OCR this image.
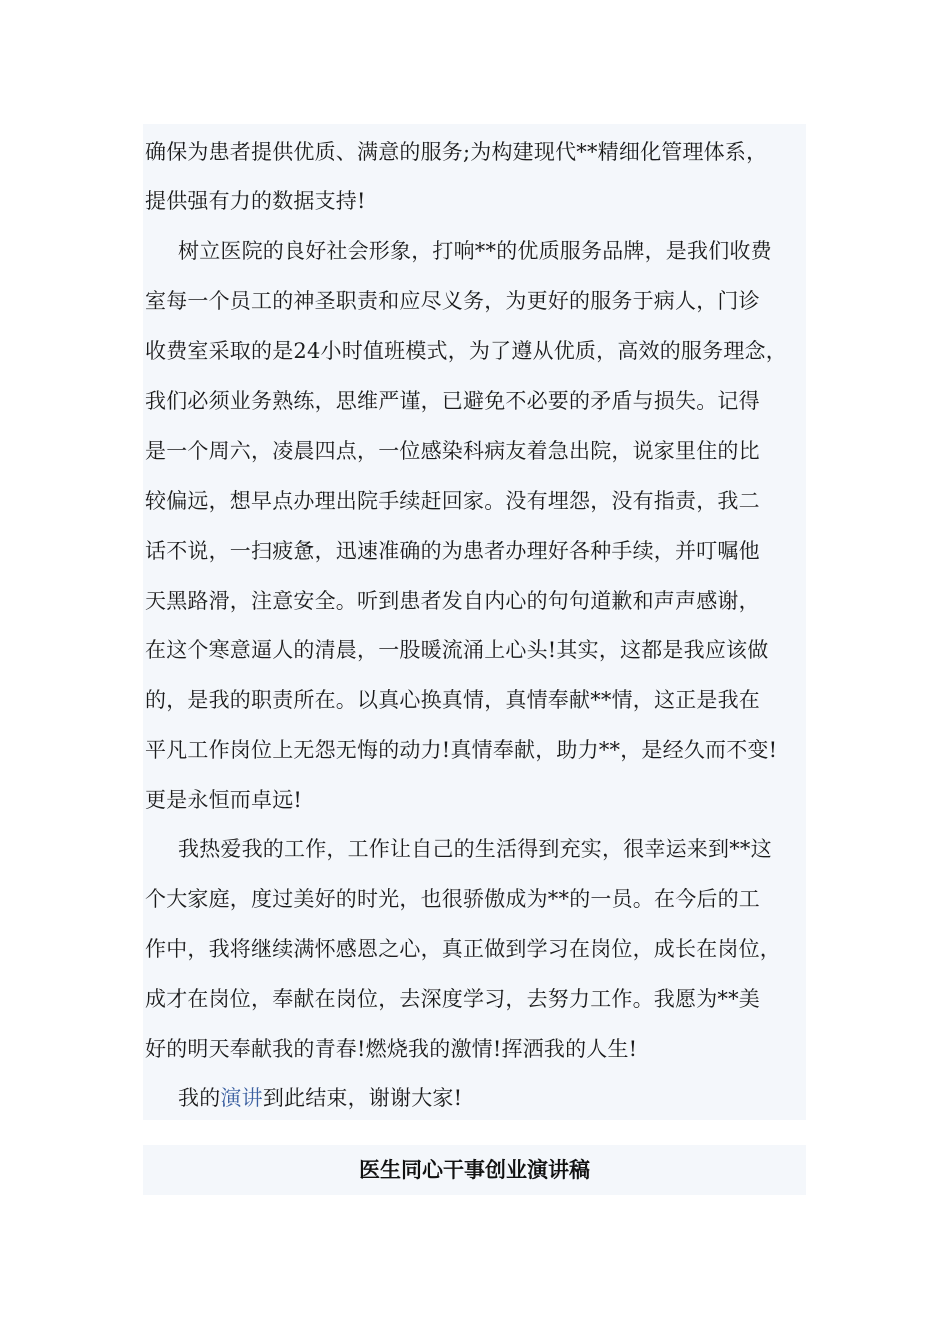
确保为患者提供优质、满意的服务;为构建现代**精细化管理体系，
提供强有力的数据支持!
树立医院的良好社会形象，打响**的优质服务品牌，是我们收费
室每一个员工的神圣职责和应尽义务，为更好的服务于病人，门诊
收费室采取的是24小时值班模式，为了遵从优质，高效的服务理念，
我们必须业务熟练，思维严谨，已避免不必要的矛盾与损失。记得
是一个周六，凌晨四点，一位感染科病友着急出院，说家里住的比
较偏远，想早点办理出院手续赶回家。没有埋怨，没有指责，我二
话不说，一扫疲惫，迅速准确的为患者办理好各种手续，并叮嘱他
天黑路滑，注意安全。听到患者发自内心的句句道歉和声声感谢，
在这个寒意逼人的清晨，一股暖流涌上心头!其实，这都是我应该做
的，是我的职责所在。以真心换真情，真情奉献**情，这正是我在
平凡工作岗位上无怨无悔的动力!真情奉献，助力**，是经久而不变!
更是永恒而卓远!
我热爱我的工作，工作让自己的生活得到充实，很幸运来到**这
个大家庭，度过美好的时光，也很骄傲成为**的一员。在今后的工
作中，我将继续满怀感恩之心，真正做到学习在岗位，成长在岗位，
成才在岗位，奉献在岗位，去深度学习，去努力工作。我愿为**美
好的明天奉献我的青春!燃烧我的激情!挥洒我的人生!
我的演讲到此结束，谢谢大家!
医生同心干事创业演讲稿
